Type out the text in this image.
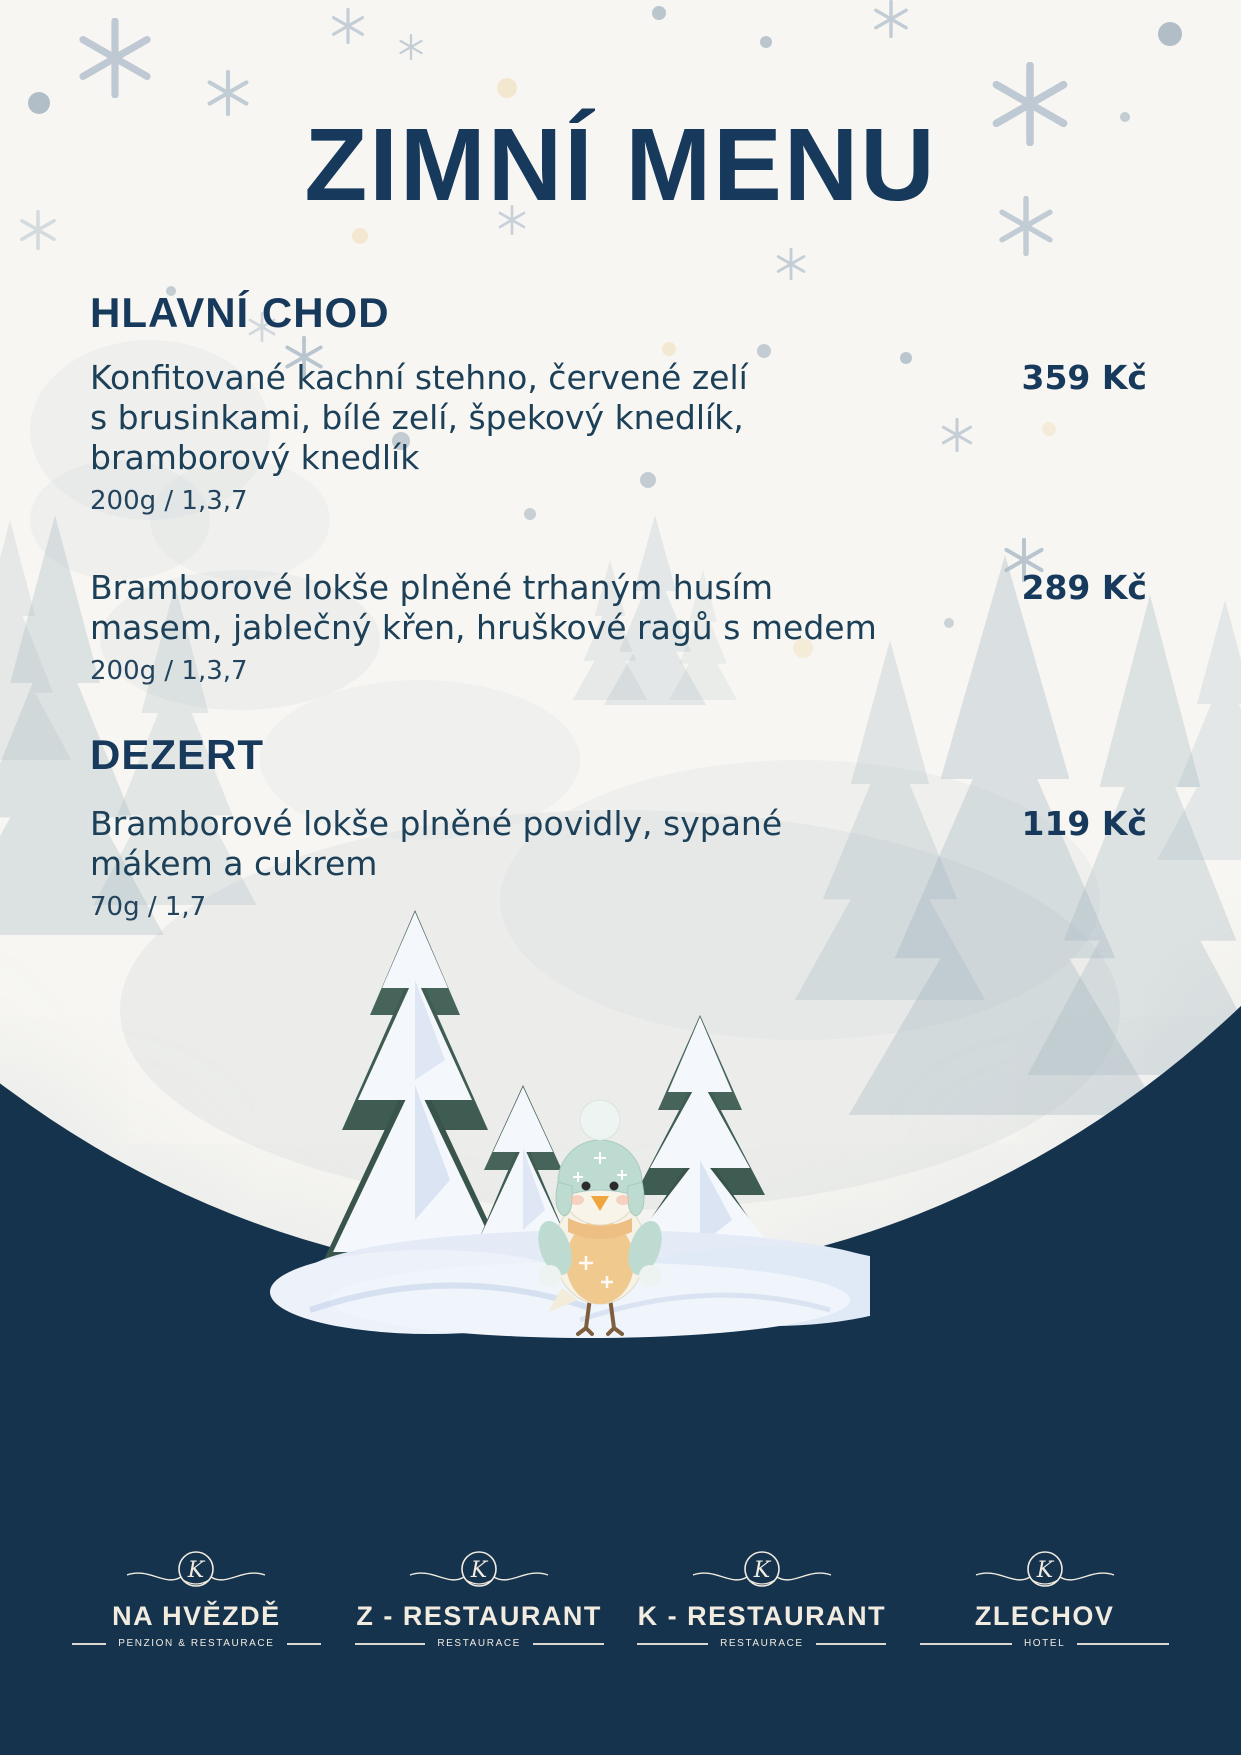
ZIMNÍ MENU
HLAVNÍ CHOD
Konfitované kachní stehno, červené zelí
s brusinkami, bílé zelí, špekový knedlík,
bramborový knedlík
200g / 1,3,7
359 Kč
Bramborové lokše plněné trhaným husím
masem, jablečný křen, hruškové ragů s medem
200g / 1,3,7
289 Kč
DEZERT
Bramborové lokše plněné povidly, sypané
mákem a cukrem
70g / 1,7
119 Kč
K
NA HVĚZDĚ
PENZION & RESTAURACE
K
Z - RESTAURANT
RESTAURACE
K
K - RESTAURANT
RESTAURACE
K
ZLECHOV
HOTEL
